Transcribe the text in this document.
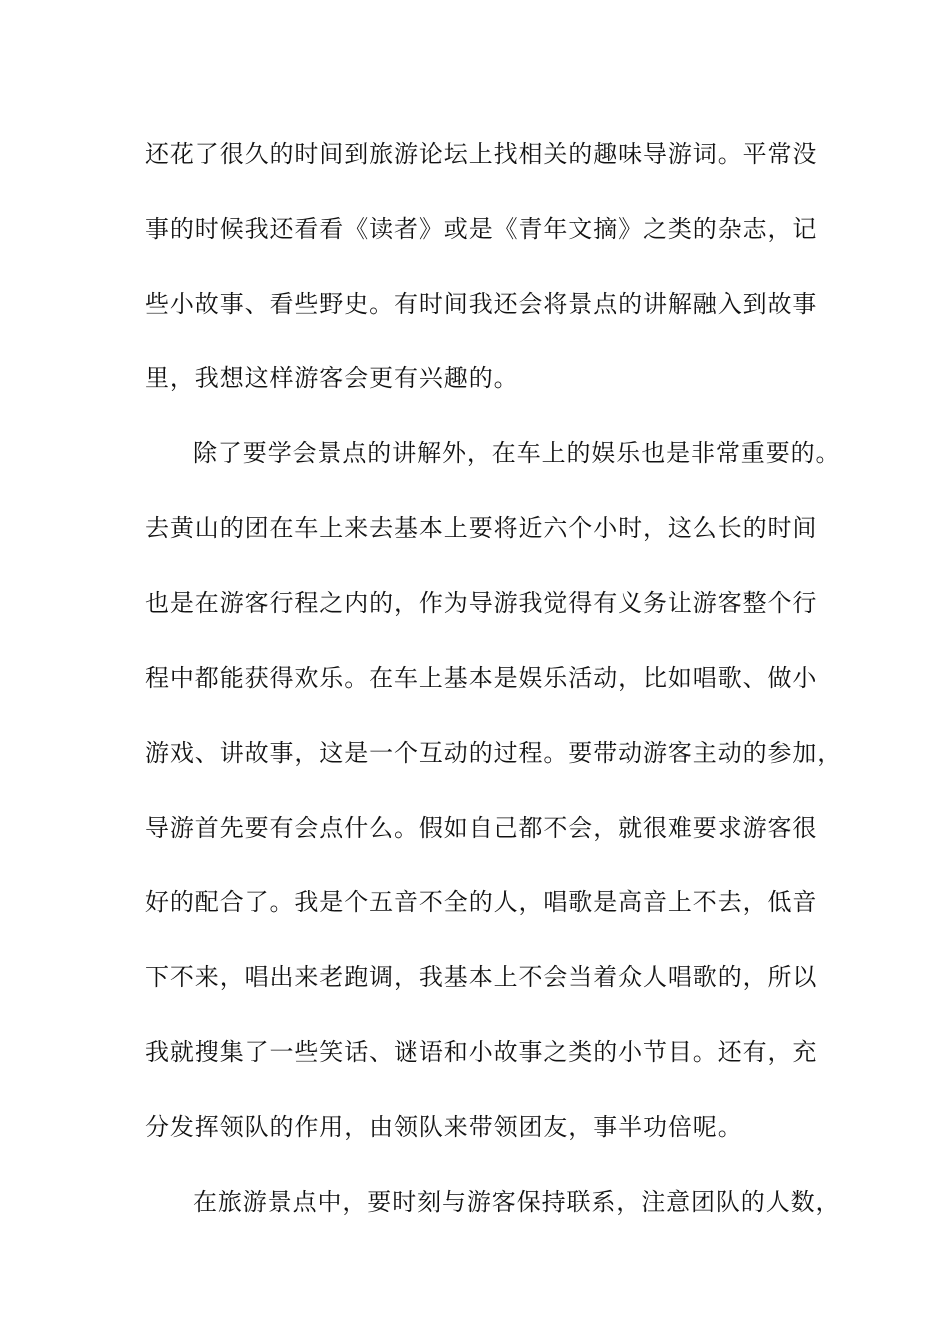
还花了很久的时间到旅游论坛上找相关的趣味导游词。平常没
事的时候我还看看《读者》或是《青年文摘》之类的杂志，记
些小故事、看些野史。有时间我还会将景点的讲解融入到故事
里，我想这样游客会更有兴趣的。
除了要学会景点的讲解外，在车上的娱乐也是非常重要的。
去黄山的团在车上来去基本上要将近六个小时，这么长的时间
也是在游客行程之内的，作为导游我觉得有义务让游客整个行
程中都能获得欢乐。在车上基本是娱乐活动，比如唱歌、做小
游戏、讲故事，这是一个互动的过程。要带动游客主动的参加，
导游首先要有会点什么。假如自己都不会，就很难要求游客很
好的配合了。我是个五音不全的人，唱歌是高音上不去，低音
下不来，唱出来老跑调，我基本上不会当着众人唱歌的，所以
我就搜集了一些笑话、谜语和小故事之类的小节目。还有，充
分发挥领队的作用，由领队来带领团友，事半功倍呢。
在旅游景点中，要时刻与游客保持联系，注意团队的人数，
